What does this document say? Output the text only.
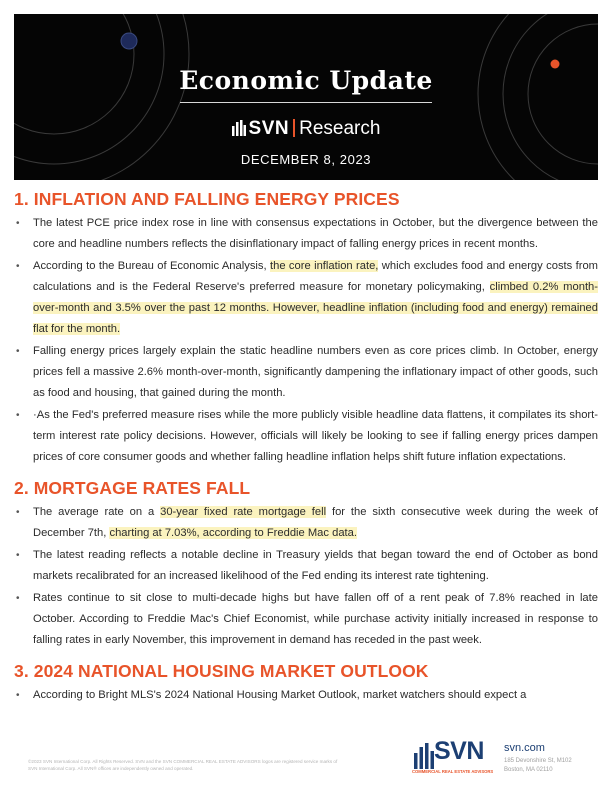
Economic Update
SVN Research
DECEMBER 8, 2023
1. INFLATION AND FALLING ENERGY PRICES
• The latest PCE price index rose in line with consensus expectations in October, but the divergence between the core and headline numbers reflects the disinflationary impact of falling energy prices in recent months.
• According to the Bureau of Economic Analysis, the core inflation rate, which excludes food and energy costs from calculations and is the Federal Reserve's preferred measure for monetary policymaking, climbed 0.2% month-over-month and 3.5% over the past 12 months. However, headline inflation (including food and energy) remained flat for the month.
• Falling energy prices largely explain the static headline numbers even as core prices climb. In October, energy prices fell a massive 2.6% month-over-month, significantly dampening the inflationary impact of other goods, such as food and housing, that gained during the month.
• ·As the Fed's preferred measure rises while the more publicly visible headline data flattens, it compilates its short-term interest rate policy decisions. However, officials will likely be looking to see if falling energy prices dampen prices of core consumer goods and whether falling headline inflation helps shift future inflation expectations.
2. MORTGAGE RATES FALL
• The average rate on a 30-year fixed rate mortgage fell for the sixth consecutive week during the week of December 7th, charting at 7.03%, according to Freddie Mac data.
• The latest reading reflects a notable decline in Treasury yields that began toward the end of October as bond markets recalibrated for an increased likelihood of the Fed ending its interest rate tightening.
• Rates continue to sit close to multi-decade highs but have fallen off of a rent peak of 7.8% reached in late October. According to Freddie Mac's Chief Economist, while purchase activity initially increased in response to falling rates in early November, this improvement in demand has receded in the past week.
3. 2024 NATIONAL HOUSING MARKET OUTLOOK
• According to Bright MLS's 2024 National Housing Market Outlook, market watchers should expect a
©2023 SVN International Corp. All Rights Reserved. SVN and the SVN COMMERCIAL REAL ESTATE ADVISORS logos are registered service marks of SVN International Corp. All SVN® offices are independently owned and operated.
SVN
COMMERCIAL REAL ESTATE ADVISORS
svn.com
185 Devonshire St, M102
Boston, MA 02110
